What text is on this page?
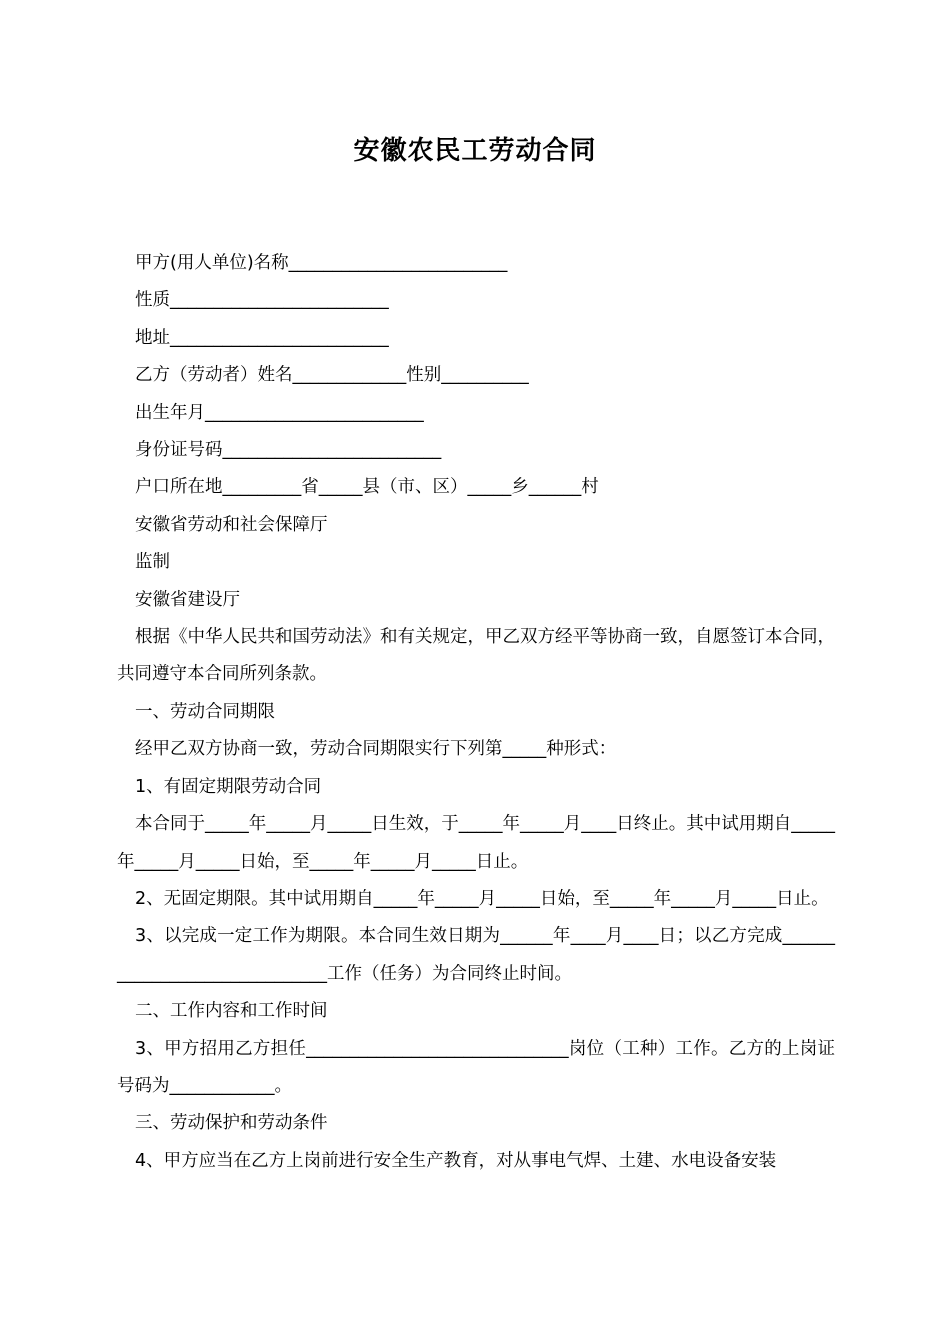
安徽农民工劳动合同

甲方(用人单位)名称_________________________

性质_________________________

地址_________________________

乙方（劳动者）姓名_____________性别__________

出生年月_________________________

身份证号码_________________________

户口所在地_________省_____县（市、区）_____乡______村

安徽省劳动和社会保障厅

监制

安徽省建设厅

根据《中华人民共和国劳动法》和有关规定，甲乙双方经平等协商一致，自愿签订本合同，共同遵守本合同所列条款。

一、劳动合同期限

经甲乙双方协商一致，劳动合同期限实行下列第_____种形式：

1、有固定期限劳动合同

本合同于_____年_____月_____日生效，于_____年_____月____日终止。其中试用期自_____年_____月_____日始，至_____年_____月_____日止。

2、无固定期限。其中试用期自_____年_____月_____日始，至_____年_____月_____日止。

3、以完成一定工作为期限。本合同生效日期为______年____月____日；以乙方完成______________________________工作（任务）为合同终止时间。

二、工作内容和工作时间

3、甲方招用乙方担任______________________________岗位（工种）工作。乙方的上岗证号码为____________。

三、劳动保护和劳动条件

4、甲方应当在乙方上岗前进行安全生产教育，对从事电气焊、土建、水电设备安装
